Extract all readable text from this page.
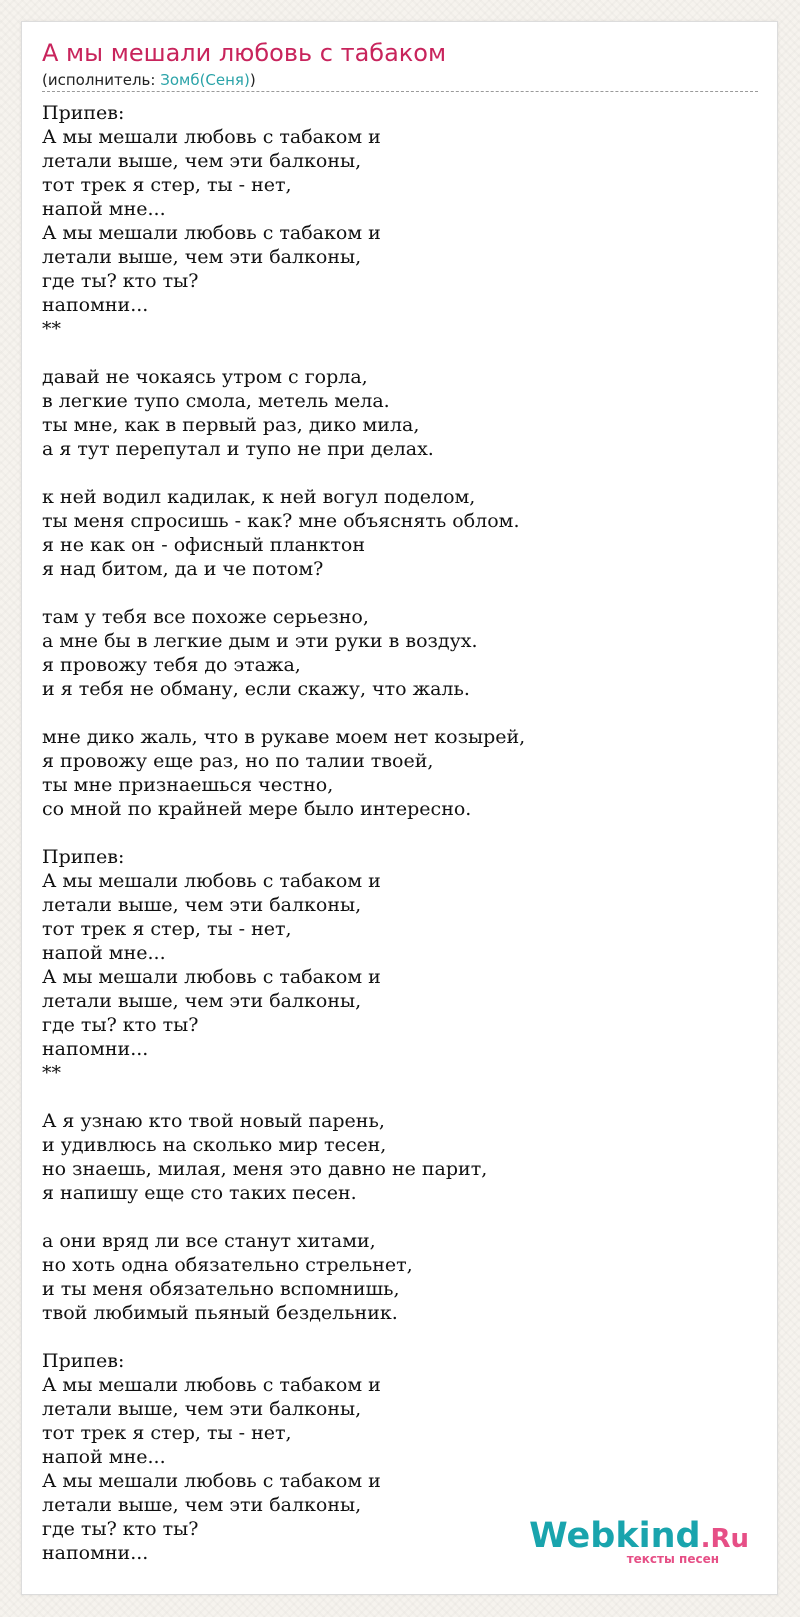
А мы мешали любовь с табаком
(исполнитель: Зомб(Сеня))
Припев:
А мы мешали любовь с табаком и
летали выше, чем эти балконы,
тот трек я стер, ты - нет,
напой мне...
А мы мешали любовь с табаком и
летали выше, чем эти балконы,
где ты? кто ты?
напомни...
**

давай не чокаясь утром с горла,
в легкие тупо смола, метель мела.
ты мне, как в первый раз, дико мила,
а я тут перепутал и тупо не при делах.

к ней водил кадилак, к ней вогул поделом,
ты меня спросишь - как? мне объяснять облом.
я не как он - офисный планктон
я над битом, да и че потом?

там у тебя все похоже серьезно,
а мне бы в легкие дым и эти руки в воздух.
я провожу тебя до этажа,
и я тебя не обману, если скажу, что жаль.

мне дико жаль, что в рукаве моем нет козырей,
я провожу еще раз, но по талии твоей,
ты мне признаешься честно,
со мной по крайней мере было интересно.

Припев:
А мы мешали любовь с табаком и
летали выше, чем эти балконы,
тот трек я стер, ты - нет,
напой мне...
А мы мешали любовь с табаком и
летали выше, чем эти балконы,
где ты? кто ты?
напомни...
**

А я узнаю кто твой новый парень,
и удивлюсь на сколько мир тесен,
но знаешь, милая, меня это давно не парит,
я напишу еще сто таких песен.

а они вряд ли все станут хитами,
но хоть одна обязательно стрельнет,
и ты меня обязательно вспомнишь,
твой любимый пьяный бездельник.

Припев:
А мы мешали любовь с табаком и
летали выше, чем эти балконы,
тот трек я стер, ты - нет,
напой мне...
А мы мешали любовь с табаком и
летали выше, чем эти балконы,
где ты? кто ты?
напомни...	Webkind.Ru
тексты песен
